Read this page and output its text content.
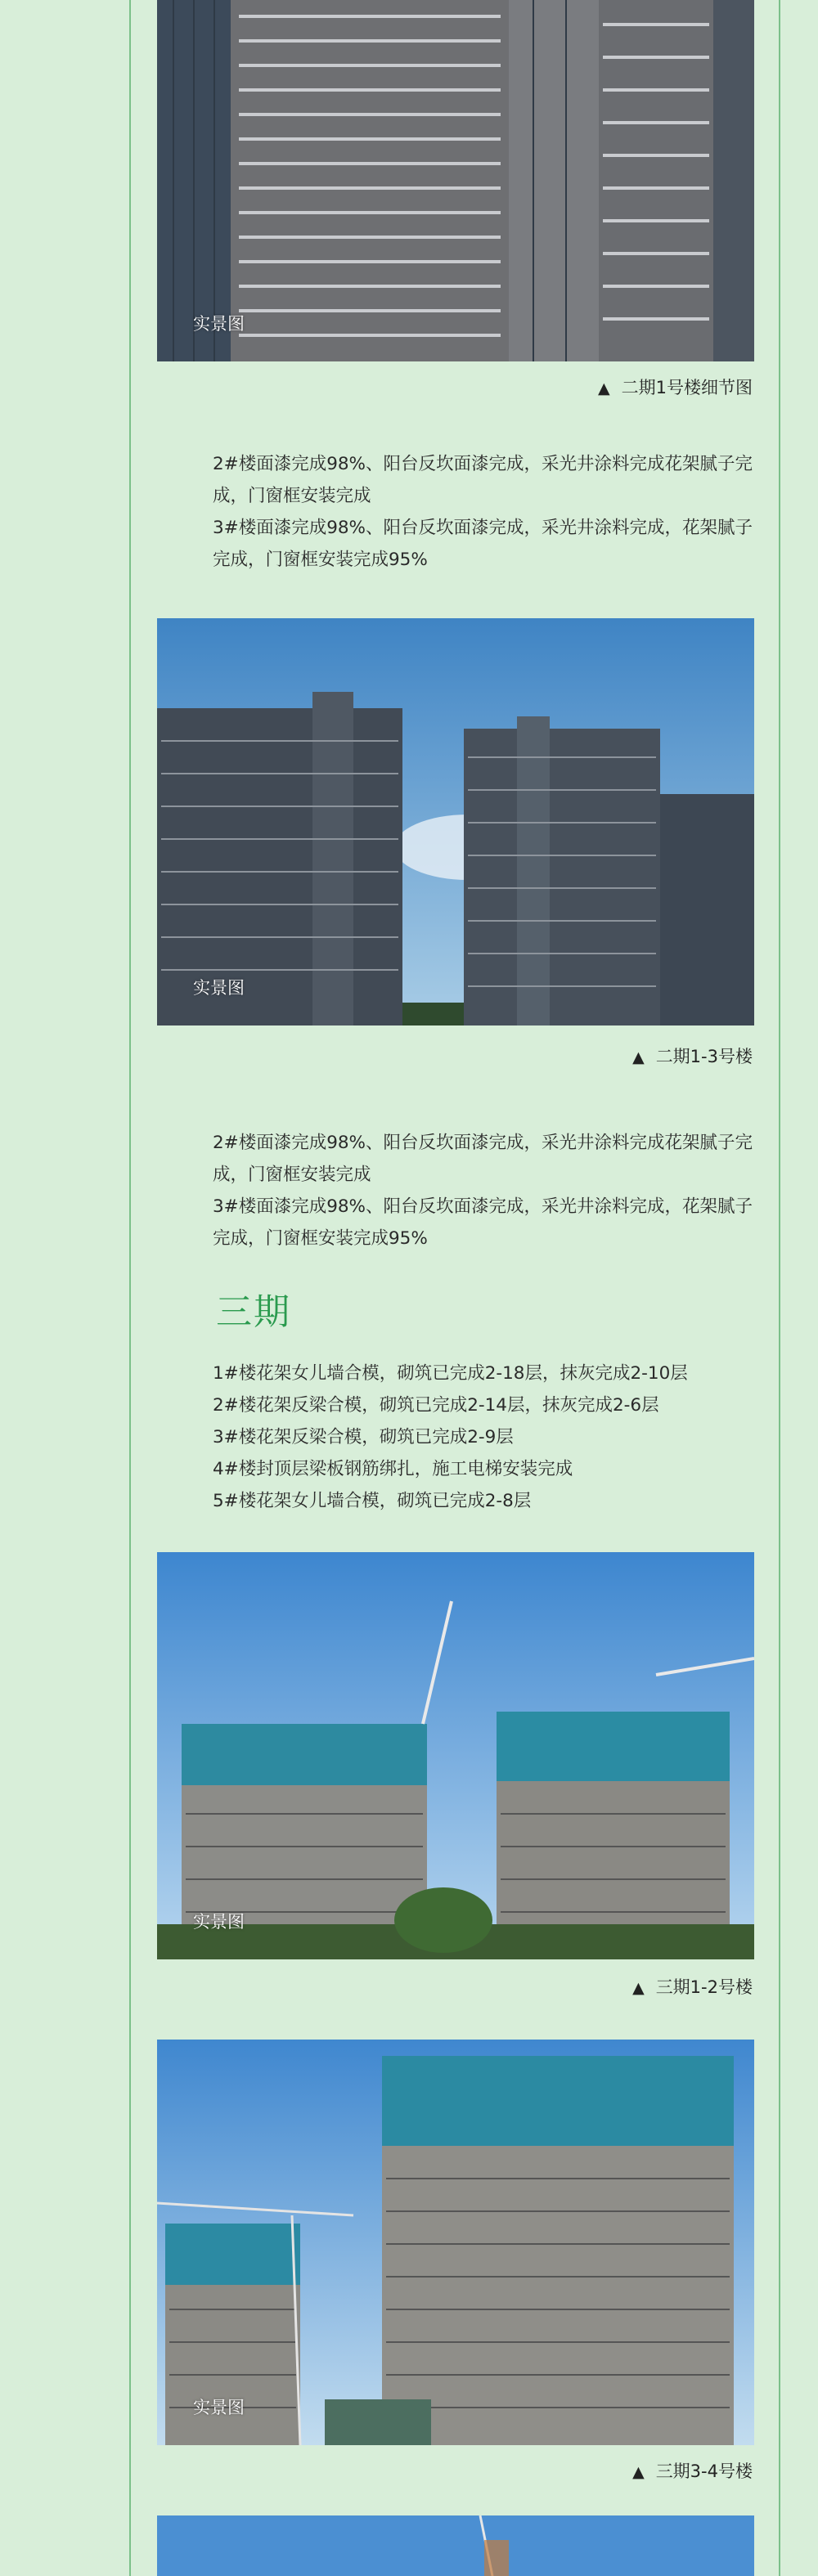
实景图
▲ 二期1号楼细节图

2#楼面漆完成98%、阳台反坎面漆完成，采光井涂料完成花架腻子完成，门窗框安装完成

3#楼面漆完成98%、阳台反坎面漆完成，采光井涂料完成，花架腻子完成，门窗框安装完成95%

实景图
▲ 二期1-3号楼

2#楼面漆完成98%、阳台反坎面漆完成，采光井涂料完成花架腻子完成，门窗框安装完成

3#楼面漆完成98%、阳台反坎面漆完成，采光井涂料完成，花架腻子完成，门窗框安装完成95%

三期

1#楼花架女儿墙合模，砌筑已完成2-18层，抹灰完成2-10层

2#楼花架反梁合模，砌筑已完成2-14层，抹灰完成2-6层

3#楼花架反梁合模，砌筑已完成2-9层

4#楼封顶层梁板钢筋绑扎，施工电梯安装完成

5#楼花架女儿墙合模，砌筑已完成2-8层

实景图
▲ 三期1-2号楼
实景图
▲ 三期3-4号楼
